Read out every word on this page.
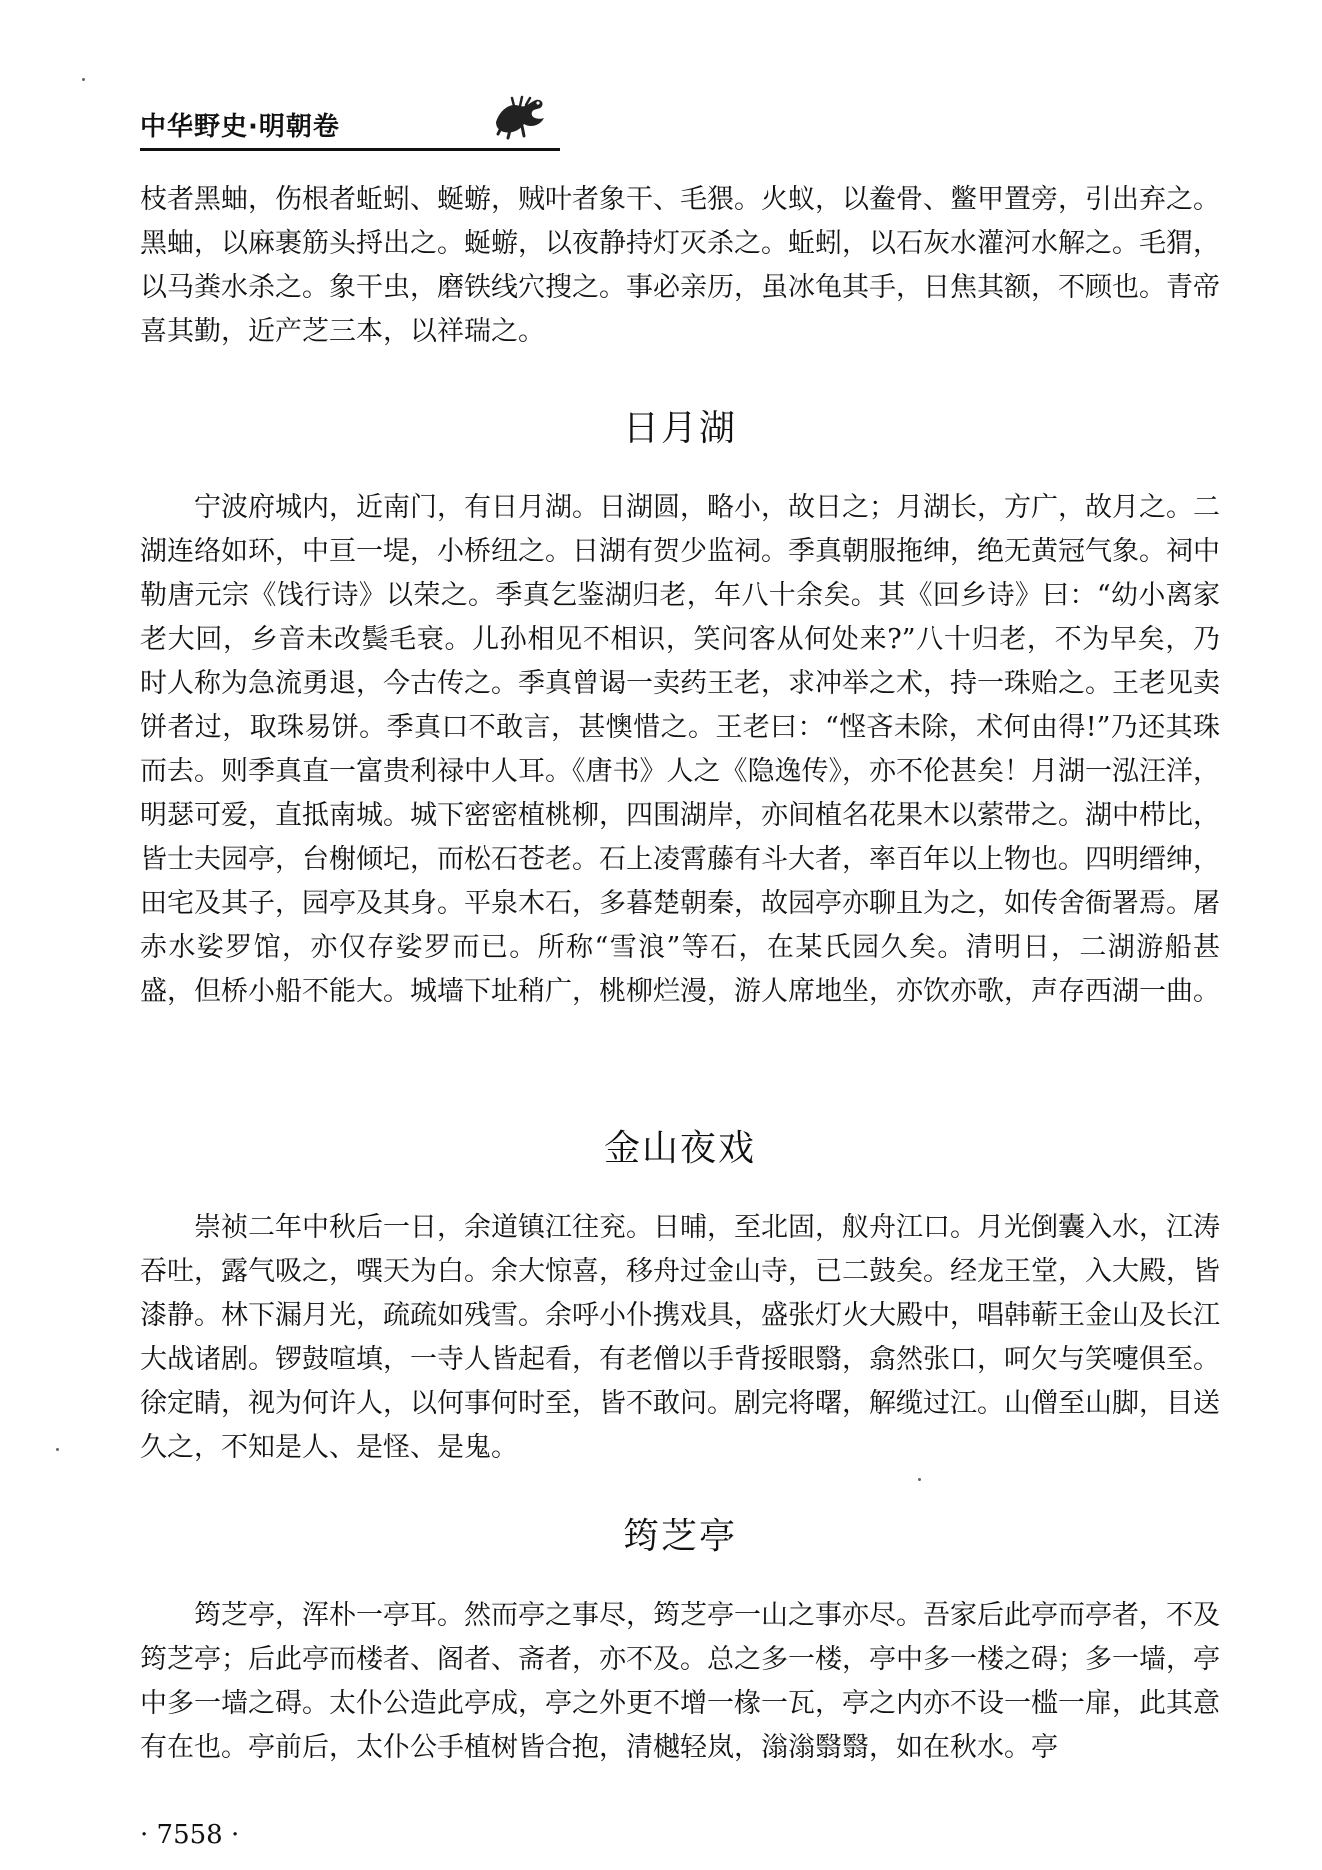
中华野史·明朝卷

枝者黑蚰，伤根者蚯蚓、蜒蝣，贼叶者象干、毛猥。火蚁，以鲞骨、鳖甲置旁，引出弃之。黑蚰，以麻裹筋头捋出之。蜒蝣，以夜静持灯灭杀之。蚯蚓，以石灰水灌河水解之。毛猬，以马粪水杀之。象干虫，磨铁线穴搜之。事必亲历，虽冰龟其手，日焦其额，不顾也。青帝喜其勤，近产芝三本，以祥瑞之。

日月湖

宁波府城内，近南门，有日月湖。日湖圆，略小，故日之；月湖长，方广，故月之。二湖连络如环，中亘一堤，小桥纽之。日湖有贺少监祠。季真朝服拖绅，绝无黄冠气象。祠中勒唐元宗《饯行诗》以荣之。季真乞鉴湖归老，年八十余矣。其《回乡诗》曰：“幼小离家老大回，乡音未改鬓毛衰。儿孙相见不相识，笑问客从何处来?”八十归老，不为早矣，乃时人称为急流勇退，今古传之。季真曾谒一卖药王老，求冲举之术，持一珠贻之。王老见卖饼者过，取珠易饼。季真口不敢言，甚懊惜之。王老曰：“悭吝未除，术何由得!”乃还其珠而去。则季真直一富贵利禄中人耳。《唐书》人之《隐逸传》，亦不伦甚矣！月湖一泓汪洋，明瑟可爱，直抵南城。城下密密植桃柳，四围湖岸，亦间植名花果木以萦带之。湖中栉比，皆士夫园亭，台榭倾圮，而松石苍老。石上凌霄藤有斗大者，率百年以上物也。四明缙绅，田宅及其子，园亭及其身。平泉木石，多暮楚朝秦，故园亭亦聊且为之，如传舍衙署焉。屠赤水娑罗馆，亦仅存娑罗而已。所称“雪浪”等石，在某氏园久矣。清明日，二湖游船甚盛，但桥小船不能大。城墙下址稍广，桃柳烂漫，游人席地坐，亦饮亦歌，声存西湖一曲。

金山夜戏

崇祯二年中秋后一日，余道镇江往兖。日晡，至北固，舣舟江口。月光倒囊入水，江涛吞吐，露气吸之，噀天为白。余大惊喜，移舟过金山寺，已二鼓矣。经龙王堂，入大殿，皆漆静。林下漏月光，疏疏如残雪。余呼小仆携戏具，盛张灯火大殿中，唱韩蕲王金山及长江大战诸剧。锣鼓喧填，一寺人皆起看，有老僧以手背挼眼翳，翕然张口，呵欠与笑嚏俱至。徐定睛，视为何许人，以何事何时至，皆不敢问。剧完将曙，解缆过江。山僧至山脚，目送久之，不知是人、是怪、是鬼。

筠芝亭

筠芝亭，浑朴一亭耳。然而亭之事尽，筠芝亭一山之事亦尽。吾家后此亭而亭者，不及筠芝亭；后此亭而楼者、阁者、斋者，亦不及。总之多一楼，亭中多一楼之碍；多一墙，亭中多一墙之碍。太仆公造此亭成，亭之外更不增一椽一瓦，亭之内亦不设一槛一扉，此其意有在也。亭前后，太仆公手植树皆合抱，清樾轻岚，滃滃翳翳，如在秋水。亭

· 7558 ·
